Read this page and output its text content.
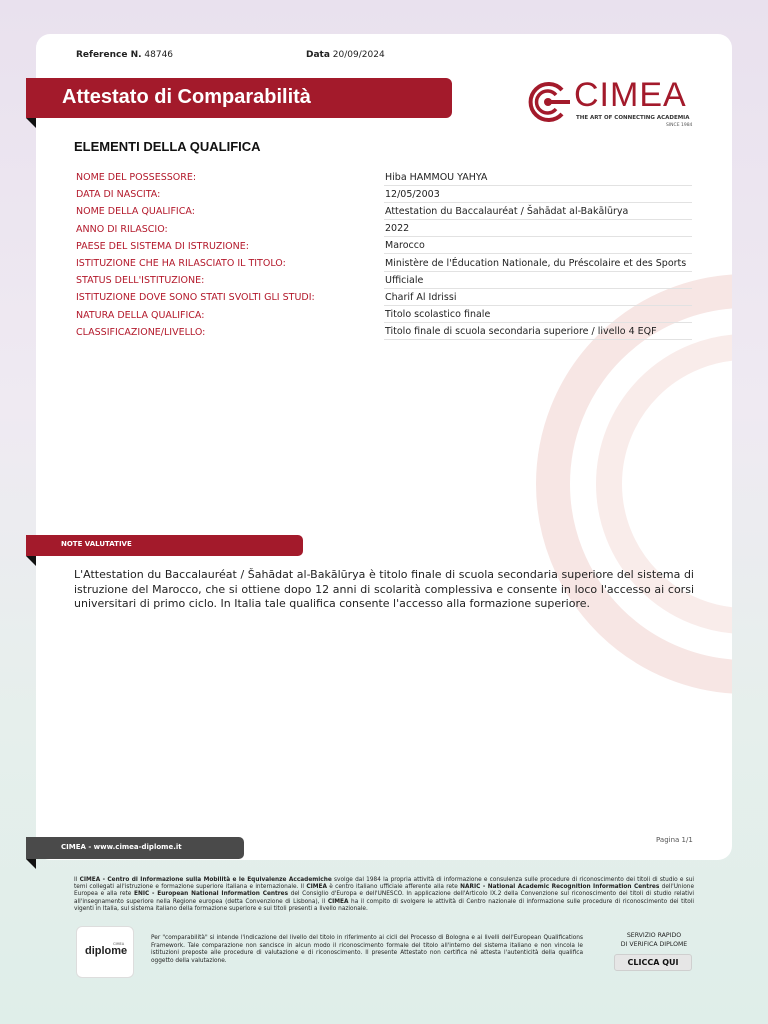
Reference N. 48746	Data 20/09/2024
Attestato di Comparabilità	CIMEA
THE ART OF CONNECTING ACADEMIA
SINCE 1984
ELEMENTI DELLA QUALIFICA
NOME DEL POSSESSORE:	Hiba HAMMOU YAHYA
DATA DI NASCITA:	12/05/2003
NOME DELLA QUALIFICA:	Attestation du Baccalauréat / Šahādat al-Bakālūrya
ANNO DI RILASCIO:	2022
PAESE DEL SISTEMA DI ISTRUZIONE:	Marocco
ISTITUZIONE CHE HA RILASCIATO IL TITOLO:	Ministère de l'Éducation Nationale, du Préscolaire et des Sports
STATUS DELL'ISTITUZIONE:	Ufficiale
ISTITUZIONE DOVE SONO STATI SVOLTI GLI STUDI:	Charif Al Idrissi
NATURA DELLA QUALIFICA:	Titolo scolastico finale
CLASSIFICAZIONE/LIVELLO:	Titolo finale di scuola secondaria superiore / livello 4 EQF
NOTE VALUTATIVE
L'Attestation du Baccalauréat / Šahādat al-Bakālūrya è titolo finale di scuola secondaria superiore del sistema di istruzione del Marocco, che si ottiene dopo 12 anni di scolarità complessiva e consente in loco l'accesso ai corsi universitari di primo ciclo. In Italia tale qualifica consente l'accesso alla formazione superiore.
Pagina 1/1
CIMEA - www.cimea-diplome.it
Il CIMEA - Centro di Informazione sulla Mobilità e le Equivalenze Accademiche svolge dal 1984 la propria attività di informazione e consulenza sulle procedure di riconoscimento dei titoli di studio e sui temi collegati all'istruzione e formazione superiore italiana e internazionale. Il CIMEA è centro italiano ufficiale afferente alla rete NARIC - National Academic Recognition Information Centres dell'Unione Europea e alla rete ENIC - European National Information Centres del Consiglio d'Europa e dell'UNESCO. In applicazione dell'Articolo IX.2 della Convenzione sul riconoscimento dei titoli di studio relativi all'insegnamento superiore nella Regione europea (detta Convenzione di Lisbona), il CIMEA ha il compito di svolgere le attività di Centro nazionale di informazione sulle procedure di riconoscimento dei titoli vigenti in Italia, sul sistema italiano della formazione superiore e sui titoli presenti a livello nazionale.
diplome
CIMEA
Per "comparabilità" si intende l'indicazione del livello del titolo in riferimento ai cicli del Processo di Bologna e ai livelli dell'European Qualifications Framework. Tale comparazione non sancisce in alcun modo il riconoscimento formale del titolo all'interno del sistema italiano e non vincola le istituzioni preposte alle procedure di valutazione e di riconoscimento. Il presente Attestato non certifica né attesta l'autenticità della qualifica oggetto della valutazione.
SERVIZIO RAPIDO
DI VERIFICA DIPLOME
CLICCA QUI
